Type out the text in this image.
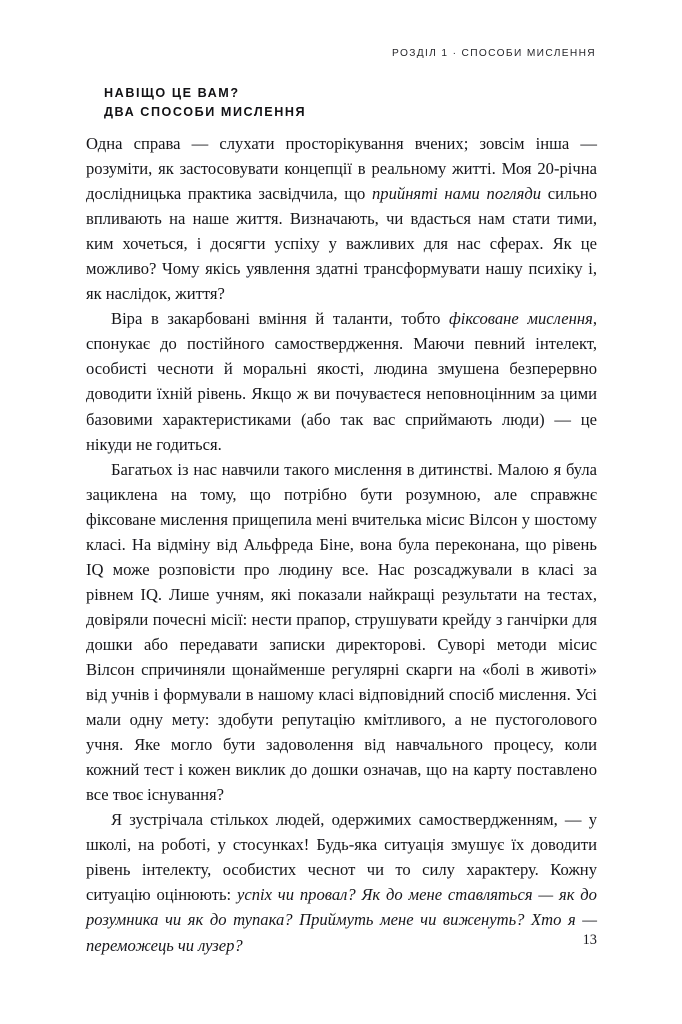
РОЗДІЛ 1 · СПОСОБИ МИСЛЕННЯ
НАВІЩО ЦЕ ВАМ?
ДВА СПОСОБИ МИСЛЕННЯ

Одна справа — слухати просторікування вчених; зовсім інша — розуміти, як застосовувати концепції в реальному житті. Моя 20-річна дослідницька практика засвідчила, що прийняті нами погляди сильно впливають на наше життя. Визначають, чи вдасться нам стати тими, ким хочеться, і досягти успіху у важливих для нас сферах. Як це можливо? Чому якісь уявлення здатні трансформувати нашу психіку і, як наслідок, життя?

Віра в закарбовані вміння й таланти, тобто фіксоване мислення, спонукає до постійного самоствердження. Маючи певний інтелект, особисті чесноти й моральні якості, людина змушена безперервно доводити їхній рівень. Якщо ж ви почуваєтеся неповноцінним за цими базовими характеристиками (або так вас сприймають люди) — це нікуди не годиться.

Багатьох із нас навчили такого мислення в дитинстві. Малою я була зациклена на тому, що потрібно бути розумною, але справжнє фіксоване мислення прищепила мені вчителька місис Вілсон у шостому класі. На відміну від Альфреда Біне, вона була переконана, що рівень IQ може розповісти про людину все. Нас розсаджували в класі за рівнем IQ. Лише учням, які показали найкращі результати на тестах, довіряли почесні місії: нести прапор, струшувати крейду з ганчірки для дошки або передавати записки директорові. Суворі методи місис Вілсон спричиняли щонайменше регулярні скарги на «болі в животі» від учнів і формували в нашому класі відповідний спосіб мислення. Усі мали одну мету: здобути репутацію кмітливого, а не пустоголового учня. Яке могло бути задоволення від навчального процесу, коли кожний тест і кожен виклик до дошки означав, що на карту поставлено все твоє існування?

Я зустрічала стількох людей, одержимих самоствердженням, — у школі, на роботі, у стосунках! Будь-яка ситуація змушує їх доводити рівень інтелекту, особистих чеснот чи то силу характеру. Кожну ситуацію оцінюють: успіх чи провал? Як до мене ставляться — як до розумника чи як до тупака? Приймуть мене чи виженуть? Хто я — переможець чи лузер?	13
